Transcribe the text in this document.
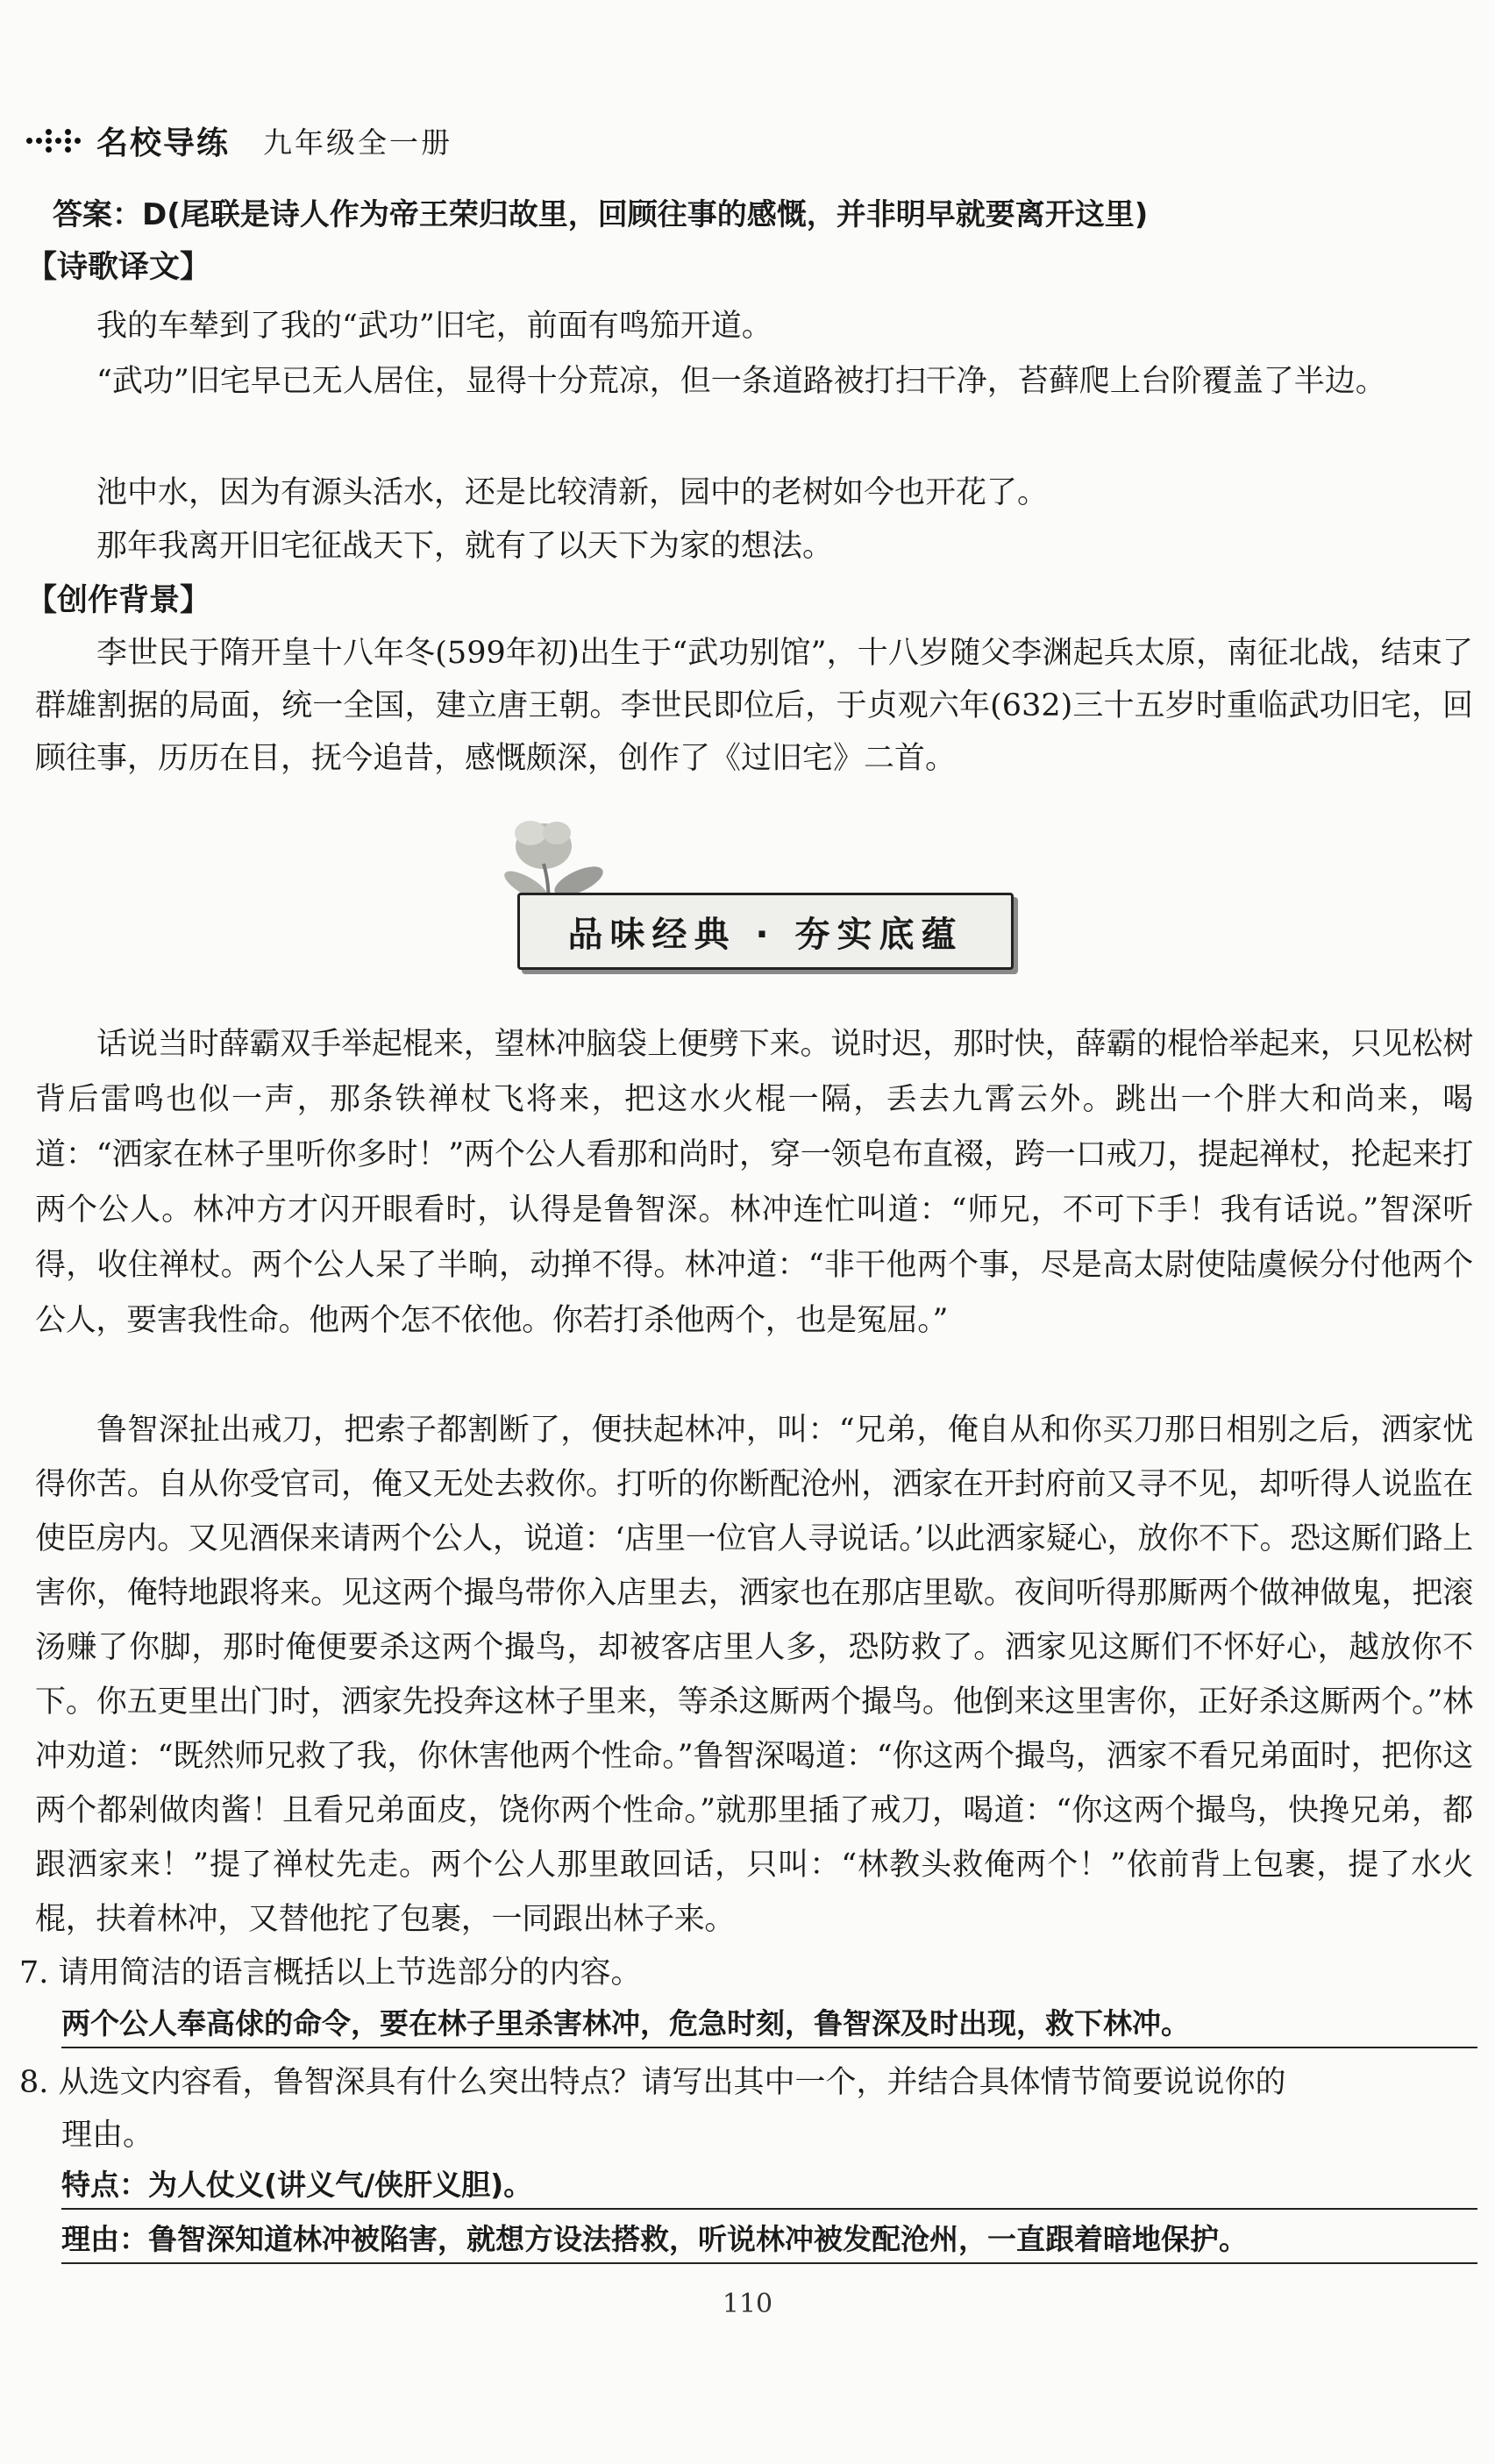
名校导练 九年级全一册
答案：D(尾联是诗人作为帝王荣归故里，回顾往事的感慨，并非明早就要离开这里)
【诗歌译文】
我的车辇到了我的“武功”旧宅，前面有鸣笳开道。
“武功”旧宅早已无人居住，显得十分荒凉，但一条道路被打扫干净，苔藓爬上台阶覆盖了半边。
池中水，因为有源头活水，还是比较清新，园中的老树如今也开花了。
那年我离开旧宅征战天下，就有了以天下为家的想法。
【创作背景】
李世民于隋开皇十八年冬(599年初)出生于“武功别馆”，十八岁随父李渊起兵太原，南征北战，结束了群雄割据的局面，统一全国，建立唐王朝。李世民即位后，于贞观六年(632)三十五岁时重临武功旧宅，回顾往事，历历在目，抚今追昔，感慨颇深，创作了《过旧宅》二首。
品味经典 · 夯实底蕴
话说当时薛霸双手举起棍来，望林冲脑袋上便劈下来。说时迟，那时快，薛霸的棍恰举起来，只见松树背后雷鸣也似一声，那条铁禅杖飞将来，把这水火棍一隔，丢去九霄云外。跳出一个胖大和尚来，喝道：“洒家在林子里听你多时！”两个公人看那和尚时，穿一领皂布直裰，跨一口戒刀，提起禅杖，抡起来打两个公人。林冲方才闪开眼看时，认得是鲁智深。林冲连忙叫道：“师兄，不可下手！我有话说。”智深听得，收住禅杖。两个公人呆了半晌，动掸不得。林冲道：“非干他两个事，尽是高太尉使陆虞候分付他两个公人，要害我性命。他两个怎不依他。你若打杀他两个，也是冤屈。”
鲁智深扯出戒刀，把索子都割断了，便扶起林冲，叫：“兄弟，俺自从和你买刀那日相别之后，洒家忧得你苦。自从你受官司，俺又无处去救你。打听的你断配沧州，洒家在开封府前又寻不见，却听得人说监在使臣房内。又见酒保来请两个公人，说道：‘店里一位官人寻说话。’以此洒家疑心，放你不下。恐这厮们路上害你，俺特地跟将来。见这两个撮鸟带你入店里去，洒家也在那店里歇。夜间听得那厮两个做神做鬼，把滚汤赚了你脚，那时俺便要杀这两个撮鸟，却被客店里人多，恐防救了。洒家见这厮们不怀好心，越放你不下。你五更里出门时，洒家先投奔这林子里来，等杀这厮两个撮鸟。他倒来这里害你，正好杀这厮两个。”林冲劝道：“既然师兄救了我，你休害他两个性命。”鲁智深喝道：“你这两个撮鸟，洒家不看兄弟面时，把你这两个都剁做肉酱！且看兄弟面皮，饶你两个性命。”就那里插了戒刀，喝道：“你这两个撮鸟，快搀兄弟，都跟洒家来！”提了禅杖先走。两个公人那里敢回话，只叫：“林教头救俺两个！”依前背上包裹，提了水火棍，扶着林冲，又替他拕了包裹，一同跟出林子来。
7. 请用简洁的语言概括以上节选部分的内容。
两个公人奉高俅的命令，要在林子里杀害林冲，危急时刻，鲁智深及时出现，救下林冲。
8. 从选文内容看，鲁智深具有什么突出特点？请写出其中一个，并结合具体情节简要说说你的
理由。
特点：为人仗义(讲义气/侠肝义胆)。
理由：鲁智深知道林冲被陷害，就想方设法搭救，听说林冲被发配沧州，一直跟着暗地保护。
110
